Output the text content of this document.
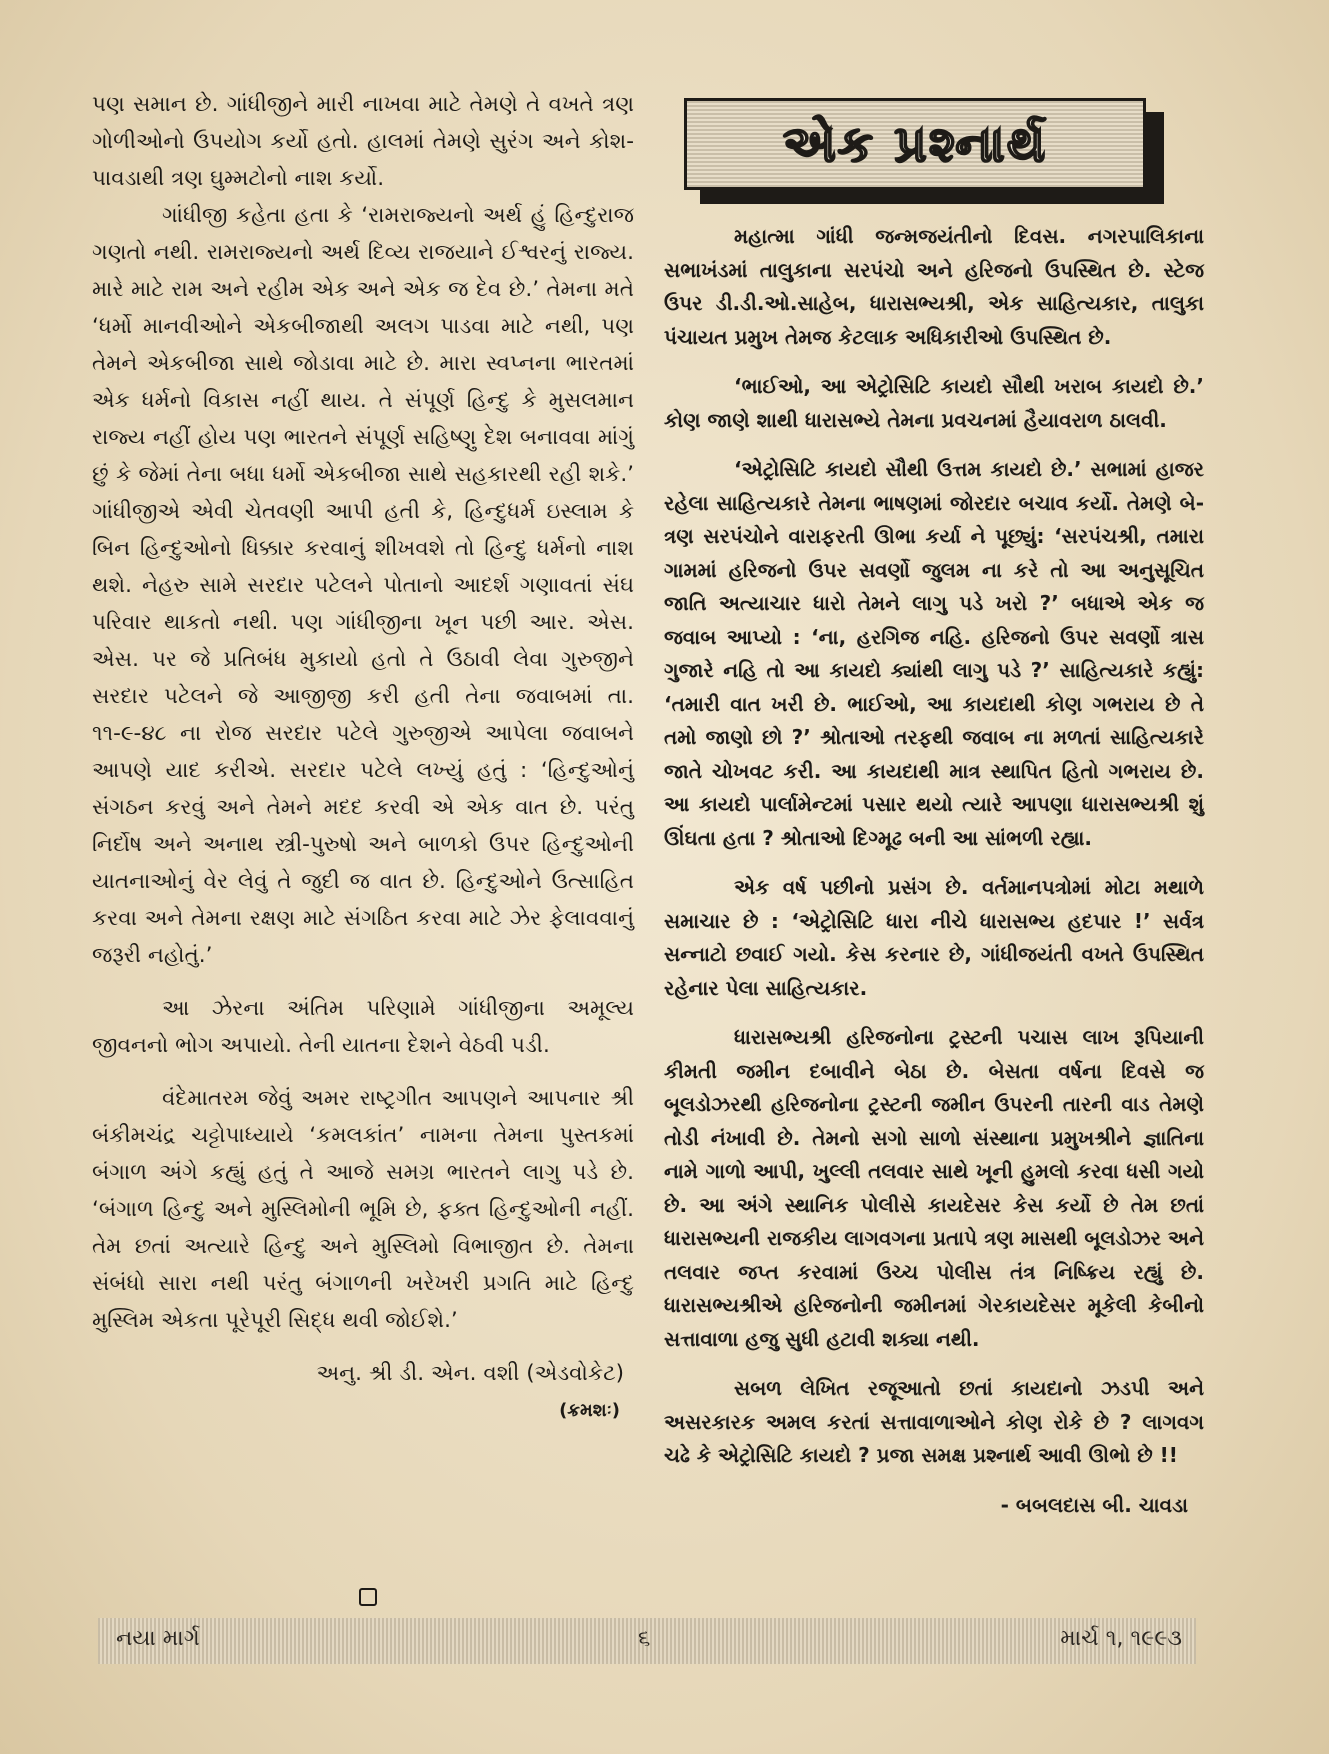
પણ સમાન છે. ગાંધીજીને મારી નાખવા માટે તેમણે તે વખતે ત્રણ ગોળીઓનો ઉપયોગ કર્યો હતો. હાલમાં તેમણે સુરંગ અને કોશ-પાવડાથી ત્રણ ઘુમ્મટોનો નાશ કર્યો.

ગાંધીજી કહેતા હતા કે ‘રામરાજ્યનો અર્થ હું હિન્દુરાજ ગણતો નથી. રામરાજ્યનો અર્થ દિવ્ય રાજયાને ઈશ્વરનું રાજ્ય. મારે માટે રામ અને રહીમ એક અને એક જ દેવ છે.’ તેમના મતે ‘ધર્મો માનવીઓને એકબીજાથી અલગ પાડવા માટે નથી, પણ તેમને એકબીજા સાથે જોડાવા માટે છે. મારા સ્વપ્નના ભારતમાં એક ધર્મનો વિકાસ નહીં થાય. તે સંપૂર્ણ હિન્દુ કે મુસલમાન રાજ્ય નહીં હોય પણ ભારતને સંપૂર્ણ સહિષ્ણુ દેશ બનાવવા માંગું છું કે જેમાં તેના બધા ધર્મો એકબીજા સાથે સહકારથી રહી શકે.’ ગાંધીજીએ એવી ચેતવણી આપી હતી કે, હિન્દુધર્મ ઇસ્લામ કે બિન હિન્દુઓનો ધિક્કાર કરવાનું શીખવશે તો હિન્દુ ધર્મનો નાશ થશે. નેહરુ સામે સરદાર પટેલને પોતાનો આદર્શ ગણાવતાં સંઘ પરિવાર થાકતો નથી. પણ ગાંધીજીના ખૂન પછી આર. એસ. એસ. પર જે પ્રતિબંધ મુકાયો હતો તે ઉઠાવી લેવા ગુરુજીને સરદાર પટેલને જે આજીજી કરી હતી તેના જવાબમાં તા. ૧૧-૯-૪૮ ના રોજ સરદાર પટેલે ગુરુજીએ આપેલા જવાબને આપણે યાદ કરીએ. સરદાર પટેલે લખ્યું હતું : ‘હિન્દુઓનું સંગઠન કરવું અને તેમને મદદ કરવી એ એક વાત છે. પરંતુ નિર્દોષ અને અનાથ સ્ત્રી-પુરુષો અને બાળકો ઉપર હિન્દુઓની યાતનાઓનું વેર લેવું તે જુદી જ વાત છે. હિન્દુઓને ઉત્સાહિત કરવા અને તેમના રક્ષણ માટે સંગઠિત કરવા માટે ઝેર ફેલાવવાનું જરૂરી નહોતું.’

આ ઝેરના અંતિમ પરિણામે ગાંધીજીના અમૂલ્ય જીવનનો ભોગ અપાયો. તેની યાતના દેશને વેઠવી પડી.

વંદેમાતરમ જેવું અમર રાષ્ટ્રગીત આપણને આપનાર શ્રી બંકીમચંદ્ર ચટ્ટોપાધ્યાયે ‘કમલકાંત’ નામના તેમના પુસ્તકમાં બંગાળ અંગે કહ્યું હતું તે આજે સમગ્ર ભારતને લાગુ પડે છે. ‘બંગાળ હિન્દુ અને મુસ્લિમોની ભૂમિ છે, ફક્ત હિન્દુઓની નહીં. તેમ છતાં અત્યારે હિન્દુ અને મુસ્લિમો વિભાજીત છે. તેમના સંબંધો સારા નથી પરંતુ બંગાળની ખરેખરી પ્રગતિ માટે હિન્દુ મુસ્લિમ એકતા પૂરેપૂરી સિદ્ધ થવી જોઈશે.’

અનુ. શ્રી ડી. એન. વશી (એડવોકેટ)

(ક્રમશઃ)

એક પ્રશ્નાર્થ

મહાત્મા ગાંધી જન્મજયંતીનો દિવસ. નગરપાલિકાના સભાખંડમાં તાલુકાના સરપંચો અને હરિજનો ઉપસ્થિત છે. સ્ટેજ ઉપર ડી.ડી.ઓ.સાહેબ, ધારાસભ્યશ્રી, એક સાહિત્યકાર, તાલુકા પંચાયત પ્રમુખ તેમજ કેટલાક અધિકારીઓ ઉપસ્થિત છે.

‘ભાઈઓ, આ એટ્રોસિટિ કાયદો સૌથી ખરાબ કાયદો છે.’ કોણ જાણે શાથી ધારાસભ્યે તેમના પ્રવચનમાં હૈયાવરાળ ઠાલવી.

‘એટ્રોસિટિ કાયદો સૌથી ઉત્તમ કાયદો છે.’ સભામાં હાજર રહેલા સાહિત્યકારે તેમના ભાષણમાં જોરદાર બચાવ કર્યો. તેમણે બે-ત્રણ સરપંચોને વારાફરતી ઊભા કર્યા ને પૂછ્યું: ‘સરપંચશ્રી, તમારા ગામમાં હરિજનો ઉપર સવર્ણો જુલમ ના કરે તો આ અનુસૂચિત જાતિ અત્યાચાર ધારો તેમને લાગુ પડે ખરો ?’ બધાએ એક જ જવાબ આપ્યો : ‘ના, હરગિજ નહિ. હરિજનો ઉપર સવર્ણો ત્રાસ ગુજારે નહિ તો આ કાયદો ક્યાંથી લાગુ પડે ?’ સાહિત્યકારે કહ્યું: ‘તમારી વાત ખરી છે. ભાઈઓ, આ કાયદાથી કોણ ગભરાય છે તે તમો જાણો છો ?’ શ્રોતાઓ તરફથી જવાબ ના મળતાં સાહિત્યકારે જાતે ચોખવટ કરી. આ કાયદાથી માત્ર સ્થાપિત હિતો ગભરાય છે. આ કાયદો પાર્લામેન્ટમાં પસાર થયો ત્યારે આપણા ધારાસભ્યશ્રી શું ઊંઘતા હતા ? શ્રોતાઓ દિગ્મૂઢ બની આ સાંભળી રહ્યા.

એક વર્ષ પછીનો પ્રસંગ છે. વર્તમાનપત્રોમાં મોટા મથાળે સમાચાર છે : ‘એટ્રોસિટિ ધારા નીચે ધારાસભ્ય હદપાર !’ સર્વત્ર સન્નાટો છવાઈ ગયો. કેસ કરનાર છે, ગાંધીજયંતી વખતે ઉપસ્થિત રહેનાર પેલા સાહિત્યકાર.

ધારાસભ્યશ્રી હરિજનોના ટ્રસ્ટની પચાસ લાખ રૂપિયાની કીમતી જમીન દબાવીને બેઠા છે. બેસતા વર્ષના દિવસે જ બૂલડોઝરથી હરિજનોના ટ્રસ્ટની જમીન ઉપરની તારની વાડ તેમણે તોડી નંખાવી છે. તેમનો સગો સાળો સંસ્થાના પ્રમુખશ્રીને જ્ઞાતિના નામે ગાળો આપી, ખુલ્લી તલવાર સાથે ખૂની હુમલો કરવા ધસી ગયો છે. આ અંગે સ્થાનિક પોલીસે કાયદેસર કેસ કર્યો છે તેમ છતાં ધારાસભ્યની રાજકીય લાગવગના પ્રતાપે ત્રણ માસથી બૂલડોઝર અને તલવાર જપ્ત કરવામાં ઉચ્ચ પોલીસ તંત્ર નિષ્ક્રિય રહ્યું છે. ધારાસભ્યશ્રીએ હરિજનોની જમીનમાં ગેરકાયદેસર મૂકેલી કેબીનો સત્તાવાળા હજુ સુધી હટાવી શક્યા નથી.

સબળ લેખિત રજૂઆતો છતાં કાયદાનો ઝડપી અને અસરકારક અમલ કરતાં સત્તાવાળાઓને કોણ રોકે છે ? લાગવગ ચઢે કે એટ્રોસિટિ કાયદો ? પ્રજા સમક્ષ પ્રશ્નાર્થ આવી ઊભો છે !!

- બબલદાસ બી. ચાવડા

નયા માર્ગ	૬	માર્ચ ૧, ૧૯૯૩
